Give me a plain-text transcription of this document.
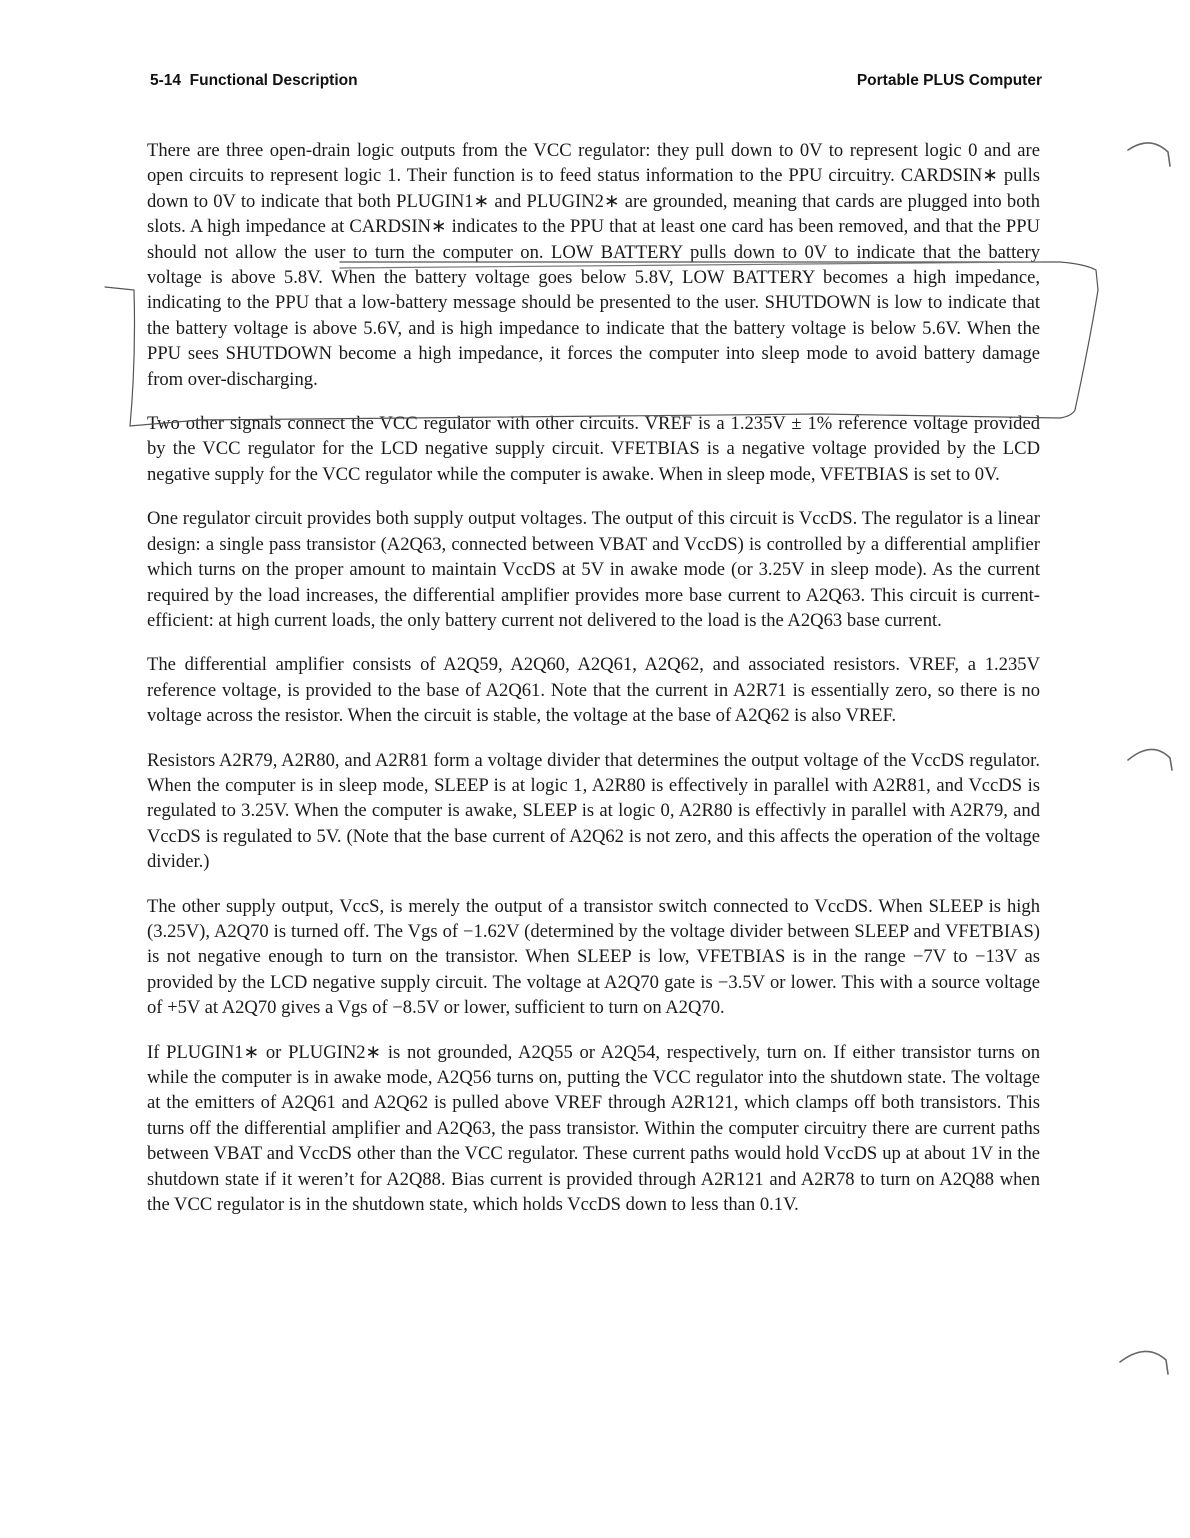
5-14  Functional Description	Portable PLUS Computer

There are three open-drain logic outputs from the VCC regulator: they pull down to 0V to represent logic 0 and are open circuits to represent logic 1. Their function is to feed status information to the PPU circuitry. CARDSIN∗ pulls down to 0V to indicate that both PLUGIN1∗ and PLUGIN2∗ are grounded, meaning that cards are plugged into both slots. A high impedance at CARDSIN∗ indicates to the PPU that at least one card has been removed, and that the PPU should not allow the user to turn the computer on. LOW BATTERY pulls down to 0V to indicate that the battery voltage is above 5.8V. When the battery voltage goes below 5.8V, LOW BATTERY becomes a high impedance, indicating to the PPU that a low-battery message should be presented to the user. SHUTDOWN is low to indicate that the battery voltage is above 5.6V, and is high impedance to indicate that the battery voltage is below 5.6V. When the PPU sees SHUTDOWN become a high impedance, it forces the computer into sleep mode to avoid battery damage from over-discharging.

Two other signals connect the VCC regulator with other circuits. VREF is a 1.235V ± 1% reference voltage provided by the VCC regulator for the LCD negative supply circuit. VFETBIAS is a negative voltage provided by the LCD negative supply for the VCC regulator while the computer is awake. When in sleep mode, VFETBIAS is set to 0V.

One regulator circuit provides both supply output voltages. The output of this circuit is VccDS. The regulator is a linear design: a single pass transistor (A2Q63, connected between VBAT and VccDS) is controlled by a differential amplifier which turns on the proper amount to maintain VccDS at 5V in awake mode (or 3.25V in sleep mode). As the current required by the load increases, the differential amplifier provides more base current to A2Q63. This circuit is current-efficient: at high current loads, the only battery current not delivered to the load is the A2Q63 base current.

The differential amplifier consists of A2Q59, A2Q60, A2Q61, A2Q62, and associated resistors. VREF, a 1.235V reference voltage, is provided to the base of A2Q61. Note that the current in A2R71 is essentially zero, so there is no voltage across the resistor. When the circuit is stable, the voltage at the base of A2Q62 is also VREF.

Resistors A2R79, A2R80, and A2R81 form a voltage divider that determines the output voltage of the VccDS regulator. When the computer is in sleep mode, SLEEP is at logic 1, A2R80 is effectively in parallel with A2R81, and VccDS is regulated to 3.25V. When the computer is awake, SLEEP is at logic 0, A2R80 is effectivly in parallel with A2R79, and VccDS is regulated to 5V. (Note that the base current of A2Q62 is not zero, and this affects the operation of the voltage divider.)

The other supply output, VccS, is merely the output of a transistor switch connected to VccDS. When SLEEP is high (3.25V), A2Q70 is turned off. The Vgs of −1.62V (determined by the voltage divider between SLEEP and VFETBIAS) is not negative enough to turn on the transistor. When SLEEP is low, VFETBIAS is in the range −7V to −13V as provided by the LCD negative supply circuit. The voltage at A2Q70 gate is −3.5V or lower. This with a source voltage of +5V at A2Q70 gives a Vgs of −8.5V or lower, sufficient to turn on A2Q70.

If PLUGIN1∗ or PLUGIN2∗ is not grounded, A2Q55 or A2Q54, respectively, turn on. If either transistor turns on while the computer is in awake mode, A2Q56 turns on, putting the VCC regulator into the shutdown state. The voltage at the emitters of A2Q61 and A2Q62 is pulled above VREF through A2R121, which clamps off both transistors. This turns off the differential amplifier and A2Q63, the pass transistor. Within the computer circuitry there are current paths between VBAT and VccDS other than the VCC regulator. These current paths would hold VccDS up at about 1V in the shutdown state if it weren’t for A2Q88. Bias current is provided through A2R121 and A2R78 to turn on A2Q88 when the VCC regulator is in the shutdown state, which holds VccDS down to less than 0.1V.
